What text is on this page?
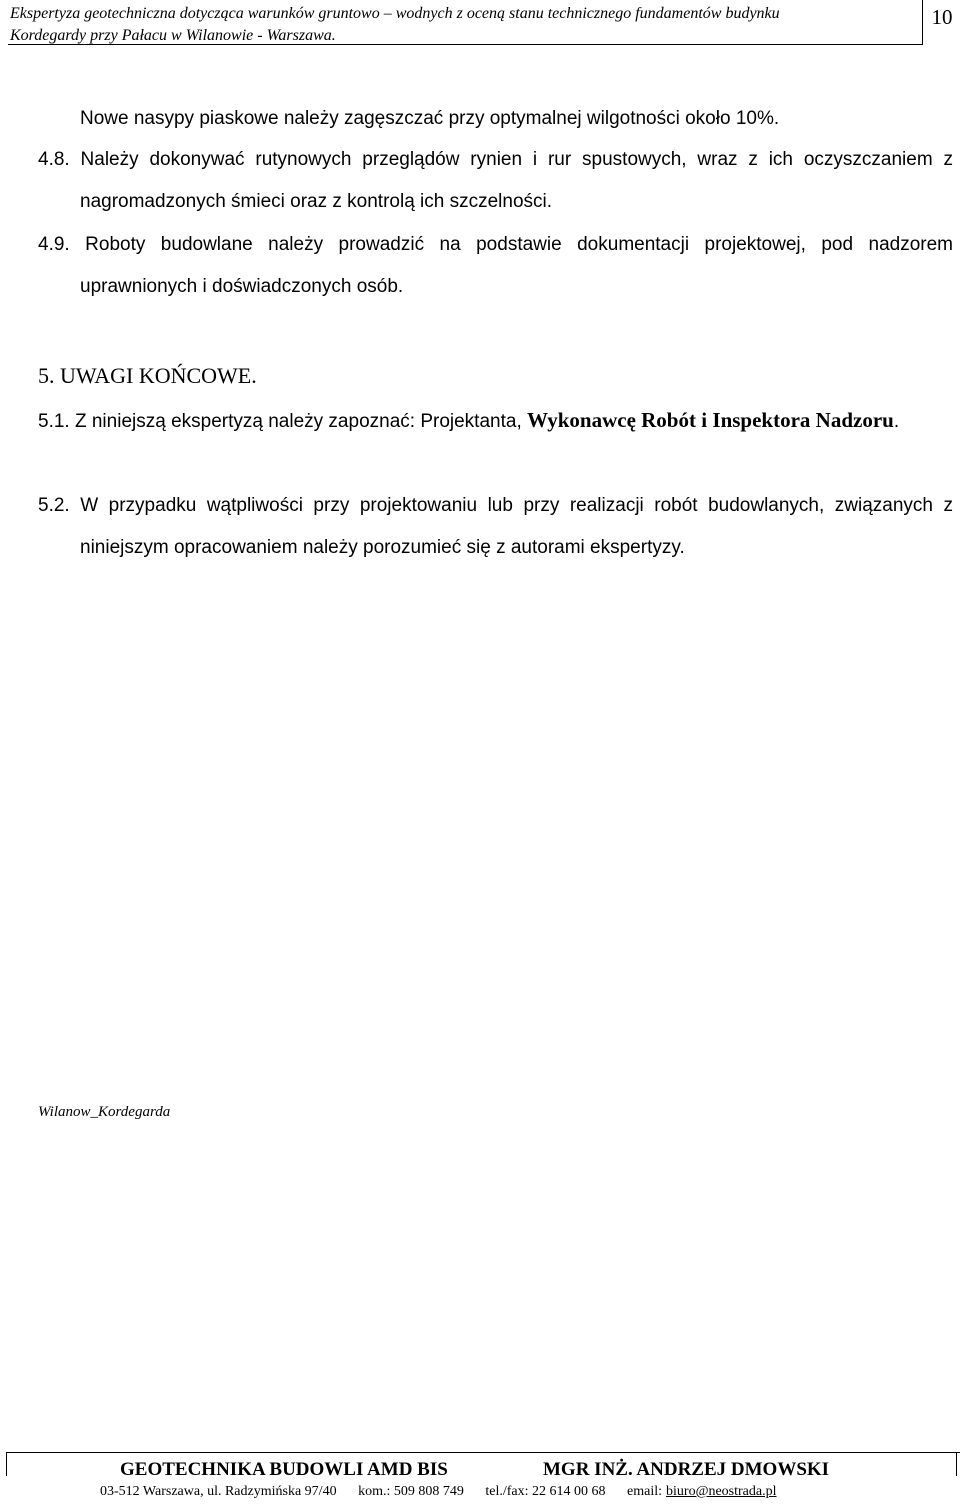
Ekspertyza geotechniczna dotycząca warunków gruntowo – wodnych z oceną stanu technicznego fundamentów budynku
Kordegardy przy Pałacu w Wilanowie - Warszawa.
10
Nowe nasypy piaskowe należy zagęszczać przy optymalnej wilgotności około 10%.
4.8. Należy dokonywać rutynowych przeglądów rynien i rur spustowych, wraz z ich oczyszczaniem z nagromadzonych śmieci oraz z kontrolą ich szczelności.
4.9. Roboty budowlane należy prowadzić na podstawie dokumentacji projektowej, pod nadzorem uprawnionych i doświadczonych osób.
5. UWAGI KOŃCOWE.
5.1. Z niniejszą ekspertyzą należy zapoznać: Projektanta, Wykonawcę Robót i Inspektora Nadzoru.
5.2. W przypadku wątpliwości przy projektowaniu lub przy realizacji robót budowlanych, związanych z niniejszym opracowaniem należy porozumieć się z autorami ekspertyzy.
Wilanow_Kordegarda
GEOTECHNIKA BUDOWLI AMD BIS	MGR INŻ. ANDRZEJ DMOWSKI
03-512 Warszawa, ul. Radzymińska 97/40 kom.: 509 808 749 tel./fax: 22 614 00 68 email: biuro@neostrada.pl
